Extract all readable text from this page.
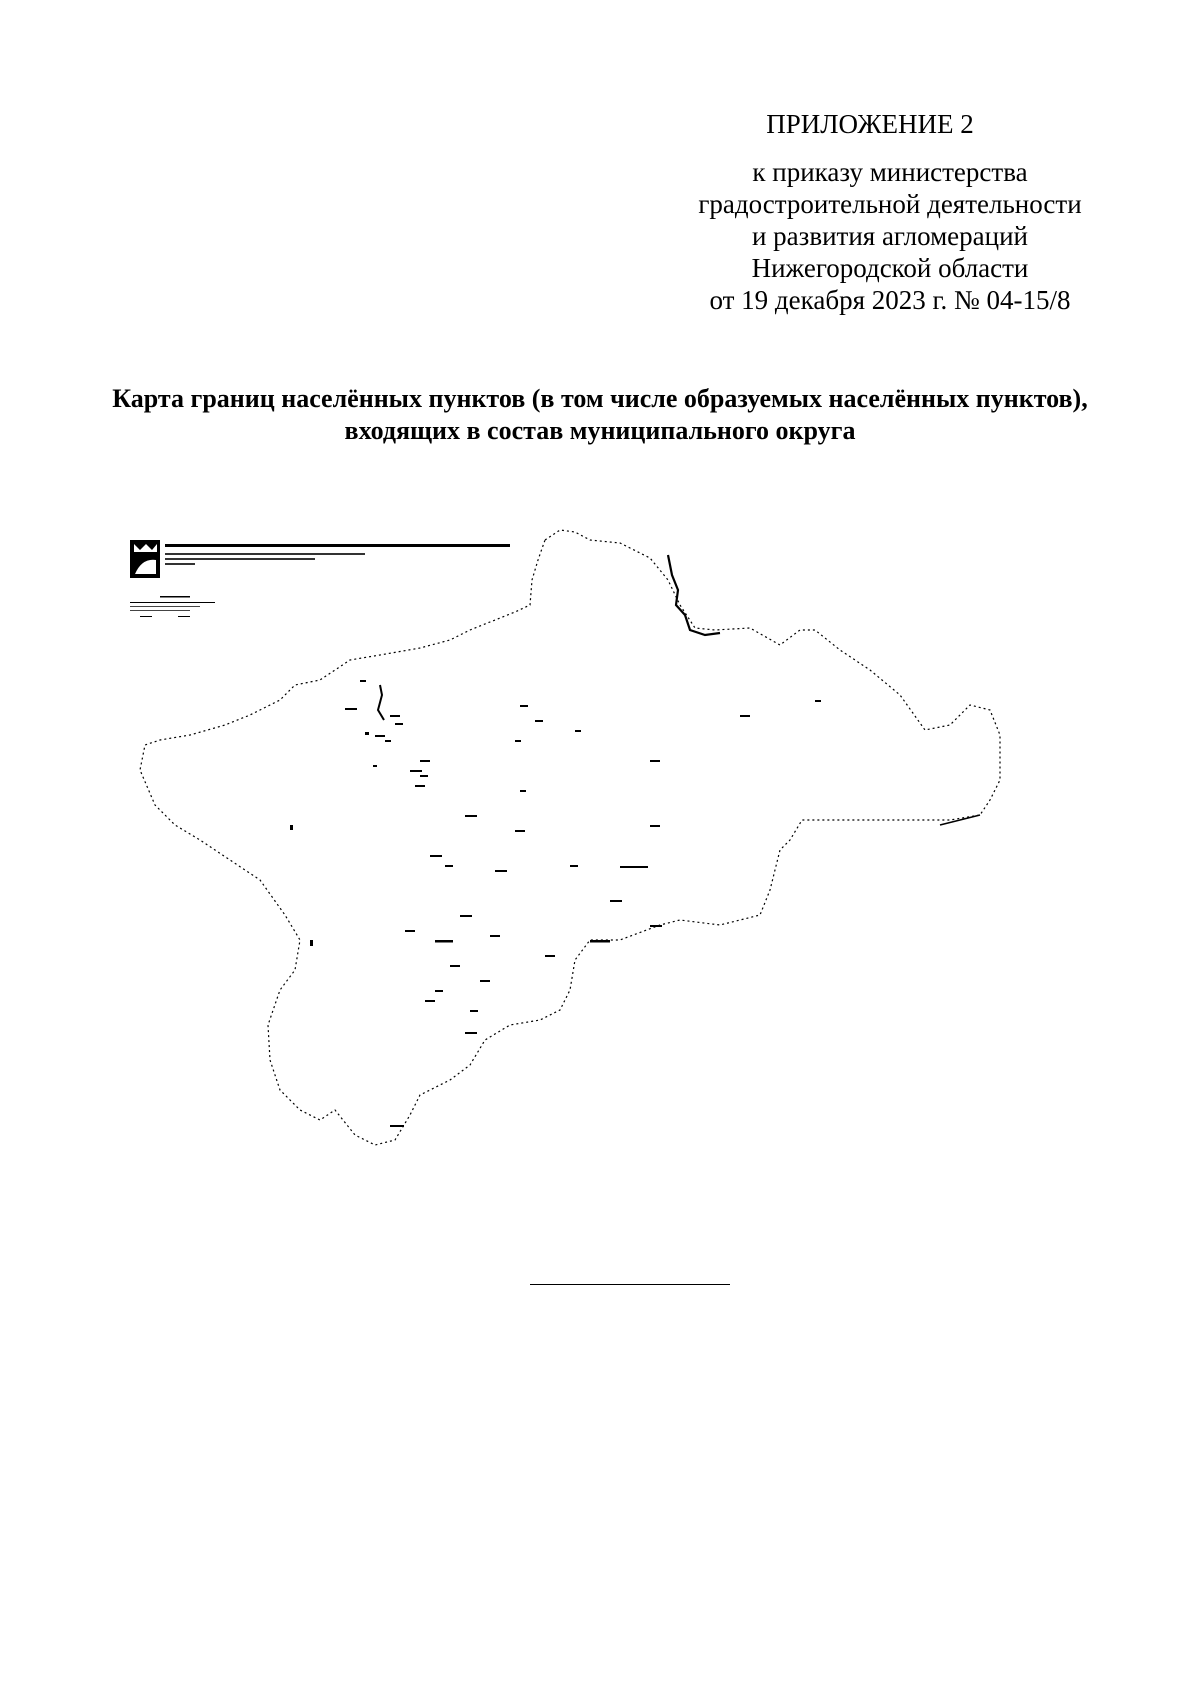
ПРИЛОЖЕНИЕ 2
к приказу министерства
градостроительной деятельности
и развития агломераций
Нижегородской области
от 19 декабря 2023 г. № 04-15/8
Карта границ населённых пунктов (в том числе образуемых населённых пунктов), входящих в состав муниципального округа
